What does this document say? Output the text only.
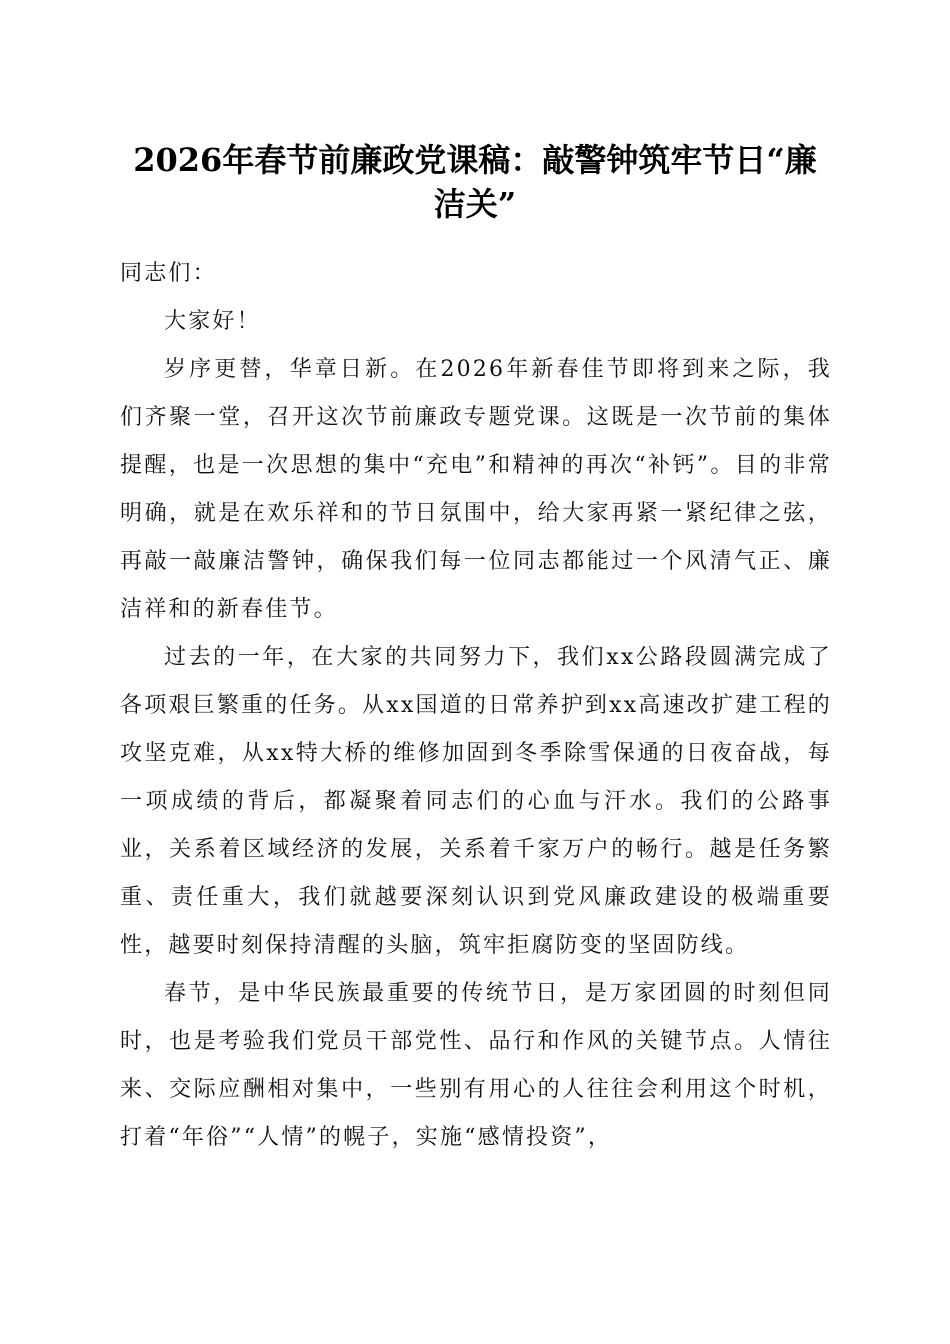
2026年春节前廉政党课稿：敲警钟筑牢节日“廉洁关”

同志们：

大家好！

岁序更替，华章日新。在2026年新春佳节即将到来之际，我们齐聚一堂，召开这次节前廉政专题党课。这既是一次节前的集体提醒，也是一次思想的集中“充电”和精神的再次“补钙”。目的非常明确，就是在欢乐祥和的节日氛围中，给大家再紧一紧纪律之弦，再敲一敲廉洁警钟，确保我们每一位同志都能过一个风清气正、廉洁祥和的新春佳节。

过去的一年，在大家的共同努力下，我们xx公路段圆满完成了各项艰巨繁重的任务。从xx国道的日常养护到xx高速改扩建工程的攻坚克难，从xx特大桥的维修加固到冬季除雪保通的日夜奋战，每一项成绩的背后，都凝聚着同志们的心血与汗水。我们的公路事业，关系着区域经济的发展，关系着千家万户的畅行。越是任务繁重、责任重大，我们就越要深刻认识到党风廉政建设的极端重要性，越要时刻保持清醒的头脑，筑牢拒腐防变的坚固防线。

春节，是中华民族最重要的传统节日，是万家团圆的时刻但同时，也是考验我们党员干部党性、品行和作风的关键节点。人情往来、交际应酬相对集中，一些别有用心的人往往会利用这个时机，打着“年俗”“人情”的幌子，实施“感情投资”，
